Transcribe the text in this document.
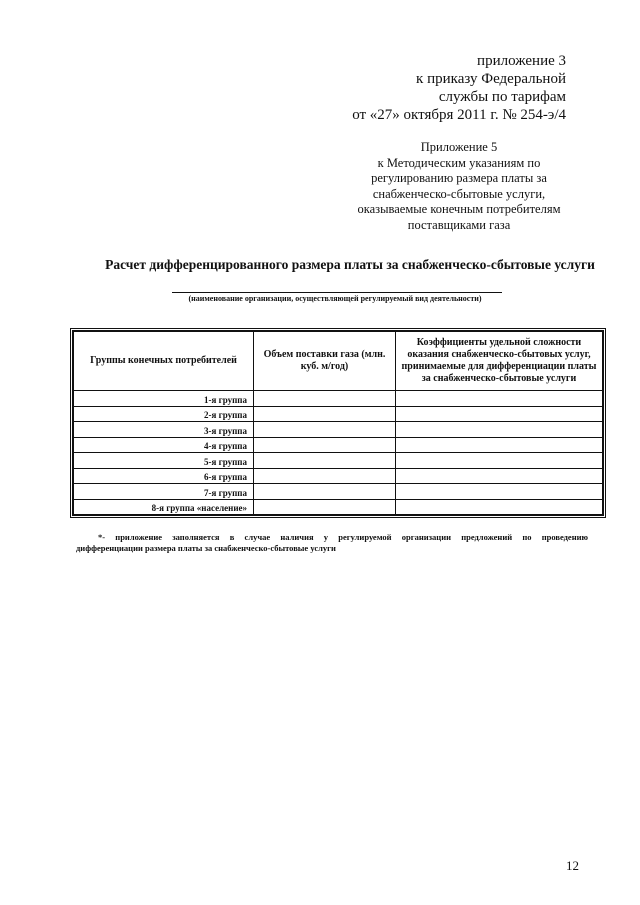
приложение 3
к приказу Федеральной
службы по тарифам
от «27» октября 2011 г. № 254-э/4
Приложение 5
к Методическим указаниям по
регулированию размера платы за
снабженческо-сбытовые услуги,
оказываемые конечным потребителям
поставщиками газа
Расчет дифференцированного размера платы за снабженческо-сбытовые услуги
(наименование организации, осуществляющей регулируемый вид деятельности)
Группы конечных потребителей	Объем поставки газа (млн. куб. м/год)	Коэффициенты удельной сложности оказания снабженческо-сбытовых услуг, принимаемые для дифференциации платы за снабженческо-сбытовые услуги
1-я группа		
2-я группа		
3-я группа		
4-я группа		
5-я группа		
6-я группа		
7-я группа		
8-я группа «население»		
*- приложение заполняется в случае наличия у регулируемой организации предложений по проведению
дифференциации размера платы за снабженческо-сбытовые услуги
12
